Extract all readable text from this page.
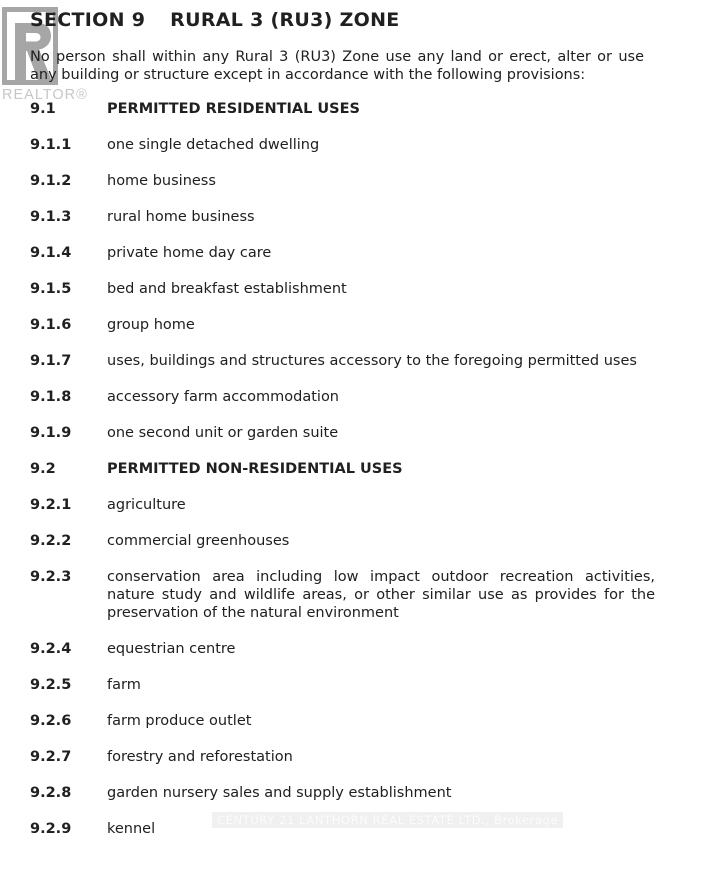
REALTOR®
CENTURY 21 LANTHORN REAL ESTATE LTD., Brokerage
SECTION 9 RURAL 3 (RU3) ZONE

No person shall within any Rural 3 (RU3) Zone use any land or erect, alter or use any building or structure except in accordance with the following provisions:

9.1	PERMITTED RESIDENTIAL USES
9.1.1	one single detached dwelling
9.1.2	home business
9.1.3	rural home business
9.1.4	private home day care
9.1.5	bed and breakfast establishment
9.1.6	group home
9.1.7	uses, buildings and structures accessory to the foregoing permitted uses
9.1.8	accessory farm accommodation
9.1.9	one second unit or garden suite
9.2	PERMITTED NON-RESIDENTIAL USES
9.2.1	agriculture
9.2.2	commercial greenhouses
9.2.3	conservation area including low impact outdoor recreation activities, nature study and wildlife areas, or other similar use as provides for the preservation of the natural environment
9.2.4	equestrian centre
9.2.5	farm
9.2.6	farm produce outlet
9.2.7	forestry and reforestation
9.2.8	garden nursery sales and supply establishment
9.2.9	kennel
